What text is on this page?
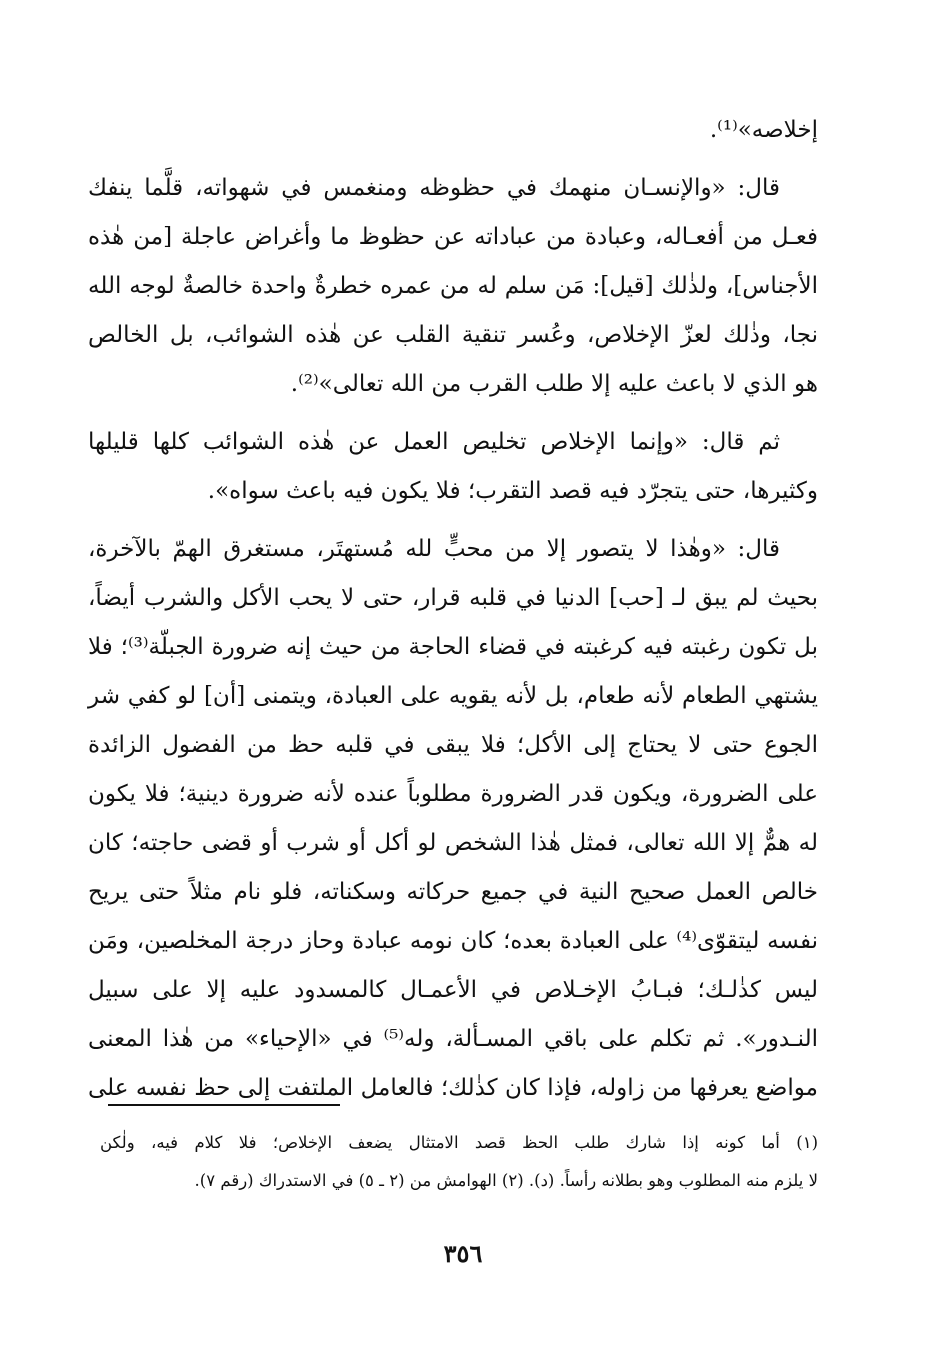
إخلاصه»⁽¹⁾.
قال: «والإنسـان منهمك في حظوظه ومنغمس في شهواته، قلَّما ينفك
فعـل من أفعـاله، وعبادة من عباداته عن حظوظ ما وأغراض عاجلة [من هٰذه
الأجناس]، ولذٰلك [قيل]: مَن سلم له من عمره خطرةٌ واحدة خالصةٌ لوجه الله
نجا، وذٰلك لعزّ الإخلاص، وعُسر تنقية القلب عن هٰذه الشوائب، بل الخالص
هو الذي لا باعث عليه إلا طلب القرب من الله تعالى»⁽²⁾.
ثم قال: «وإنما الإخلاص تخليص العمل عن هٰذه الشوائب كلها قليلها
وكثيرها، حتى يتجرّد فيه قصد التقرب؛ فلا يكون فيه باعث سواه».
قال: «وهٰذا لا يتصور إلا من محبٍّ لله مُستهتَر، مستغرق الهمّ بالآخرة،
بحيث لم يبق لـ [حب] الدنيا في قلبه قرار، حتى لا يحب الأكل والشرب أيضاً،
بل تكون رغبته فيه كرغبته في قضاء الحاجة من حيث إنه ضرورة الجبلّة⁽³⁾؛ فلا
يشتهي الطعام لأنه طعام، بل لأنه يقويه على العبادة، ويتمنى [أن] لو كفي شر
الجوع حتى لا يحتاج إلى الأكل؛ فلا يبقى في قلبه حظ من الفضول الزائدة
على الضرورة، ويكون قدر الضرورة مطلوباً عنده لأنه ضرورة دينية؛ فلا يكون
له همٌّ إلا الله تعالى، فمثل هٰذا الشخص لو أكل أو شرب أو قضى حاجته؛ كان
خالص العمل صحيح النية في جميع حركاته وسكناته، فلو نام مثلاً حتى يريح
نفسه ليتقوّى⁽⁴⁾ على العبادة بعده؛ كان نومه عبادة وحاز درجة المخلصين، ومَن
ليس كذٰلـك؛ فبـابُ الإخـلاص في الأعمـال كالمسدود عليه إلا على سبيل
النـدور». ثم تكلم على باقي المسـألة، وله⁽⁵⁾ في «الإحياء» من هٰذا المعنى
مواضع يعرفها من زاوله، فإذا كان كذٰلك؛ فالعامل الملتفت إلى حظ نفسه على
(١) أما كونه إذا شارك طلب الحظ قصد الامتثال يضعف الإخلاص؛ فلا كلام فيه، ولٰكن
لا يلزم منه المطلوب وهو بطلانه رأساً. (د). (٢) الهوامش من (٢ ـ ٥) في الاستدراك (رقم ٧).
٣٥٦
